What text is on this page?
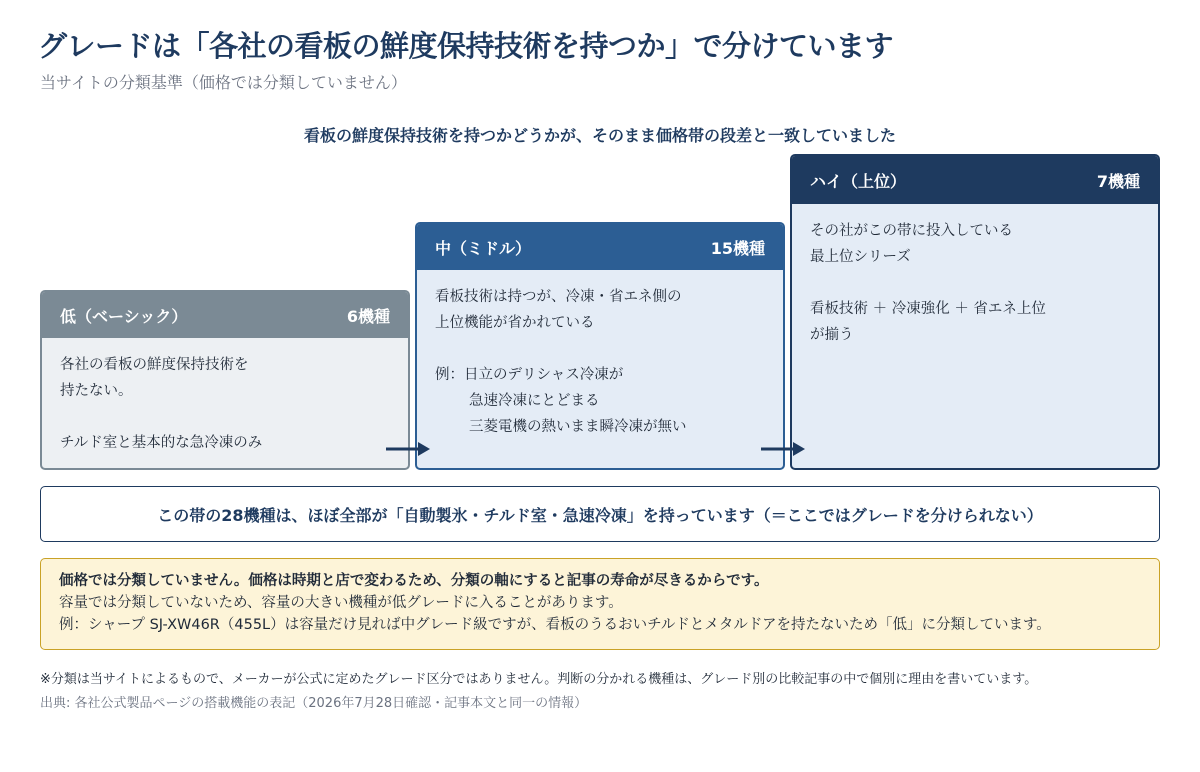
グレードは「各社の看板の鮮度保持技術を持つか」で分けています
当サイトの分類基準（価格では分類していません）
看板の鮮度保持技術を持つかどうかが、そのまま価格帯の段差と一致していました
低（ベーシック）	6機種
各社の看板の鮮度保持技術を
持たない。
チルド室と基本的な急冷凍のみ
中（ミドル）	15機種
看板技術は持つが、冷凍・省エネ側の
上位機能が省かれている
例：日立のデリシャス冷凍が
急速冷凍にとどまる
三菱電機の熱いまま瞬冷凍が無い
ハイ（上位）	7機種
その社がこの帯に投入している
最上位シリーズ
看板技術 ＋ 冷凍強化 ＋ 省エネ上位
が揃う
この帯の28機種は、ほぼ全部が「自動製氷・チルド室・急速冷凍」を持っています（＝ここではグレードを分けられない）
価格では分類していません。価格は時期と店で変わるため、分類の軸にすると記事の寿命が尽きるからです。
容量では分類していないため、容量の大きい機種が低グレードに入ることがあります。
例：シャープ SJ-XW46R（455L）は容量だけ見れば中グレード級ですが、看板のうるおいチルドとメタルドアを持たないため「低」に分類しています。
※分類は当サイトによるもので、メーカーが公式に定めたグレード区分ではありません。判断の分かれる機種は、グレード別の比較記事の中で個別に理由を書いています。
出典: 各社公式製品ページの搭載機能の表記（2026年7月28日確認・記事本文と同一の情報）
